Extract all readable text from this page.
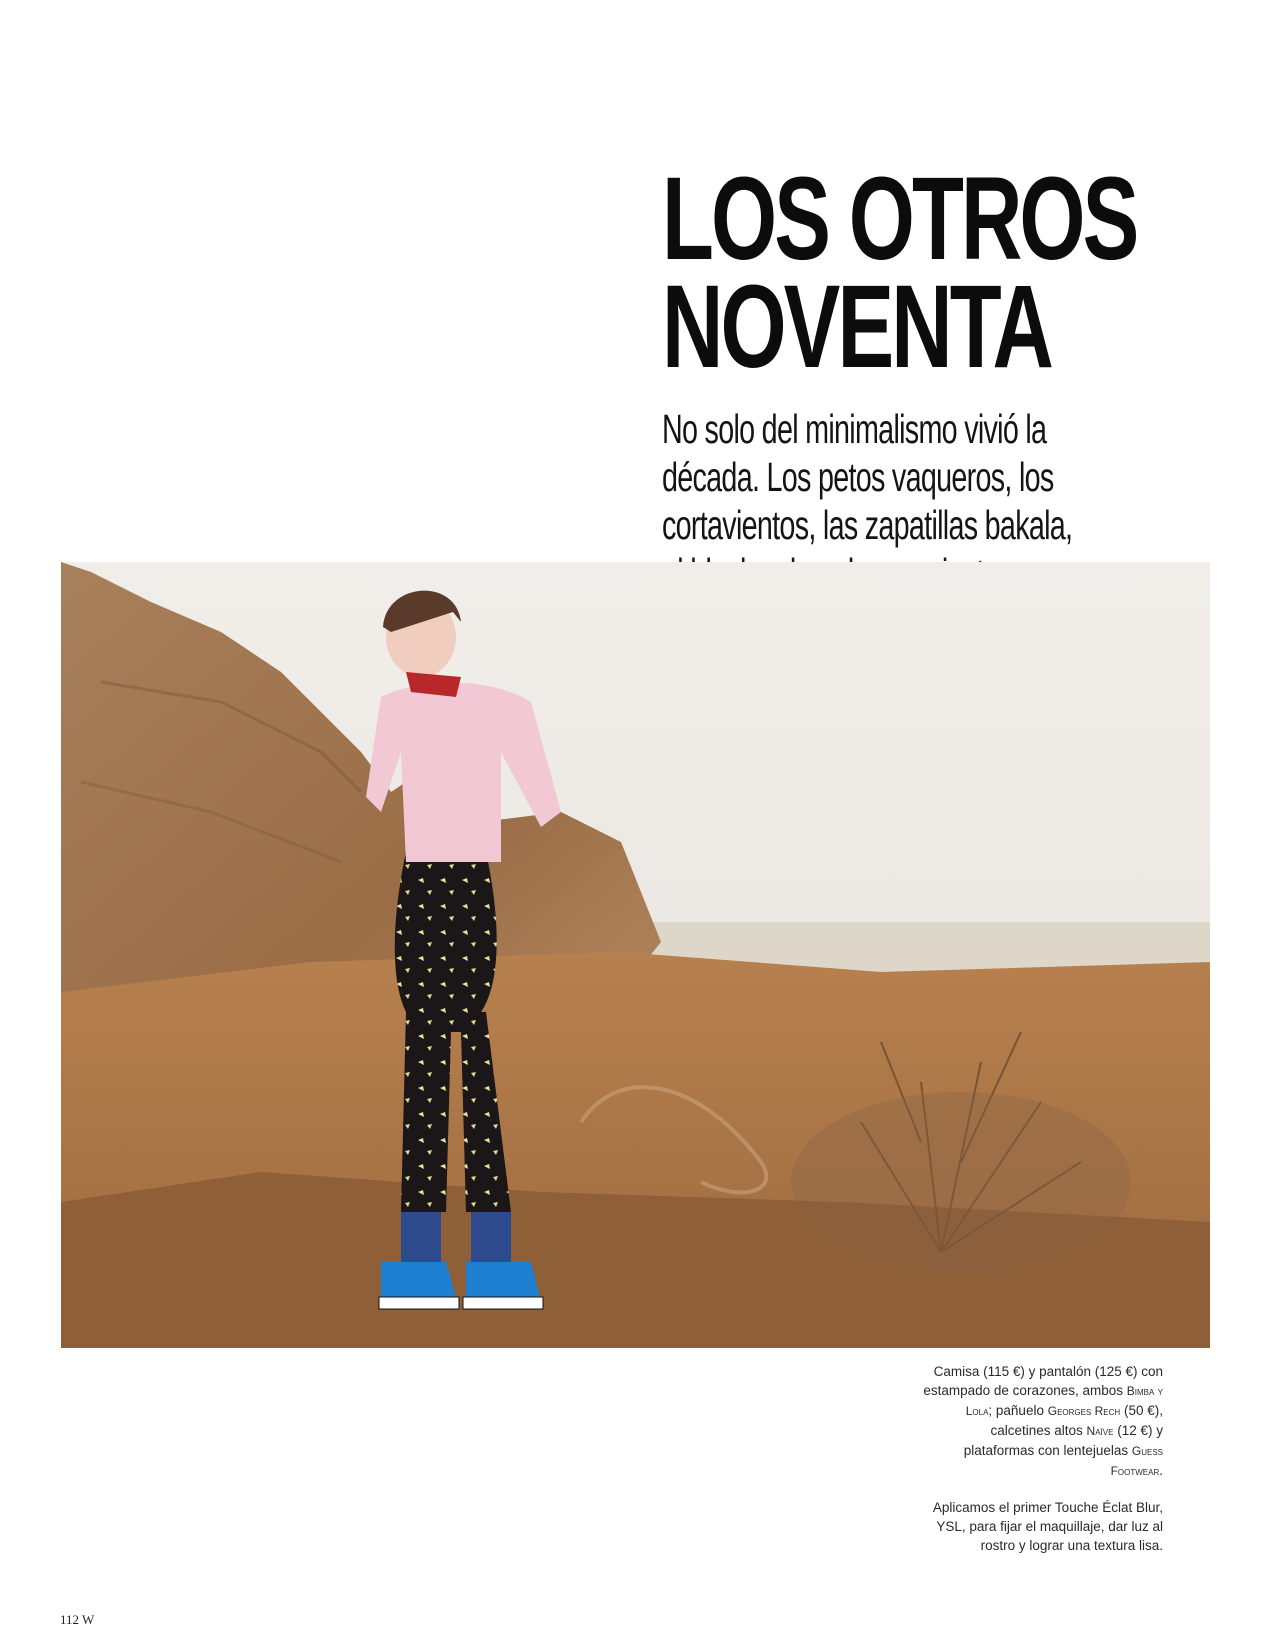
LOS OTROS
NOVENTA

No solo del minimalismo vivió la
década. Los petos vaqueros, los
cortavientos, las zapatillas bakala,

Camisa (115 €) y pantalón (125 €) con estampado de corazones, ambos Bimba y Lola; pañuelo Georges Rech (50 €), calcetines altos Naïve (12 €) y plataformas con lentejuelas Guess Footwear.

Aplicamos el primer Touche Éclat Blur, YSL, para fijar el maquillaje, dar luz al rostro y lograr una textura lisa.

112 W
